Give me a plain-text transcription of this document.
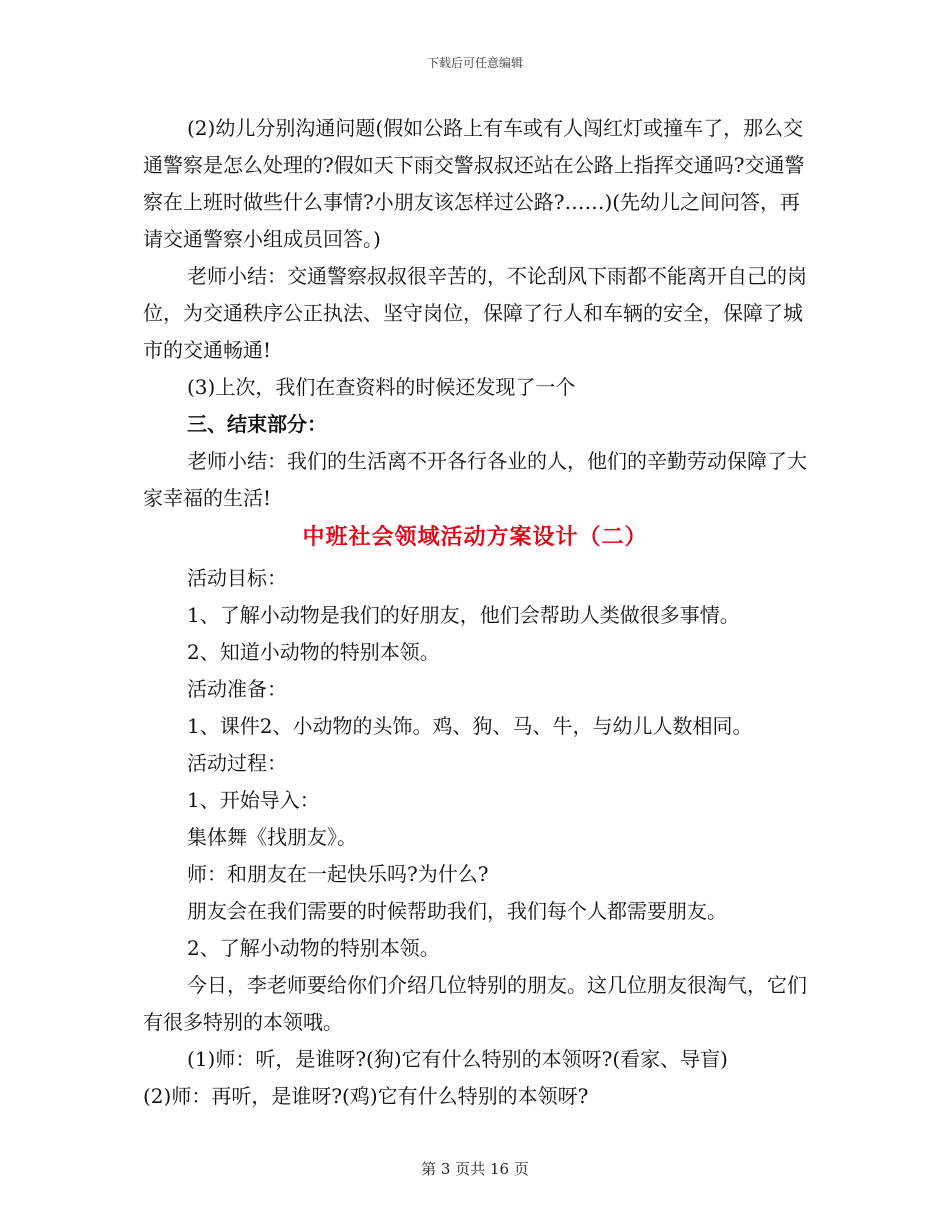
下载后可任意编辑

(2)幼儿分别沟通问题(假如公路上有车或有人闯红灯或撞车了，那么交通警察是怎么处理的?假如天下雨交警叔叔还站在公路上指挥交通吗?交通警察在上班时做些什么事情?小朋友该怎样过公路?……)(先幼儿之间问答，再请交通警察小组成员回答。)

老师小结：交通警察叔叔很辛苦的，不论刮风下雨都不能离开自己的岗位，为交通秩序公正执法、坚守岗位，保障了行人和车辆的安全，保障了城市的交通畅通!

(3)上次，我们在查资料的时候还发现了一个

三、结束部分：

老师小结：我们的生活离不开各行各业的人，他们的辛勤劳动保障了大家幸福的生活!

中班社会领域活动方案设计（二）

活动目标：

1、了解小动物是我们的好朋友，他们会帮助人类做很多事情。

2、知道小动物的特别本领。

活动准备：

1、课件2、小动物的头饰。鸡、狗、马、牛，与幼儿人数相同。

活动过程：

1、开始导入：

集体舞《找朋友》。

师：和朋友在一起快乐吗?为什么?

朋友会在我们需要的时候帮助我们，我们每个人都需要朋友。

2、了解小动物的特别本领。

今日，李老师要给你们介绍几位特别的朋友。这几位朋友很淘气，它们有很多特别的本领哦。

(1)师：听，是谁呀?(狗)它有什么特别的本领呀?(看家、导盲)

(2)师：再听，是谁呀?(鸡)它有什么特别的本领呀?

第 3 页共 16 页
